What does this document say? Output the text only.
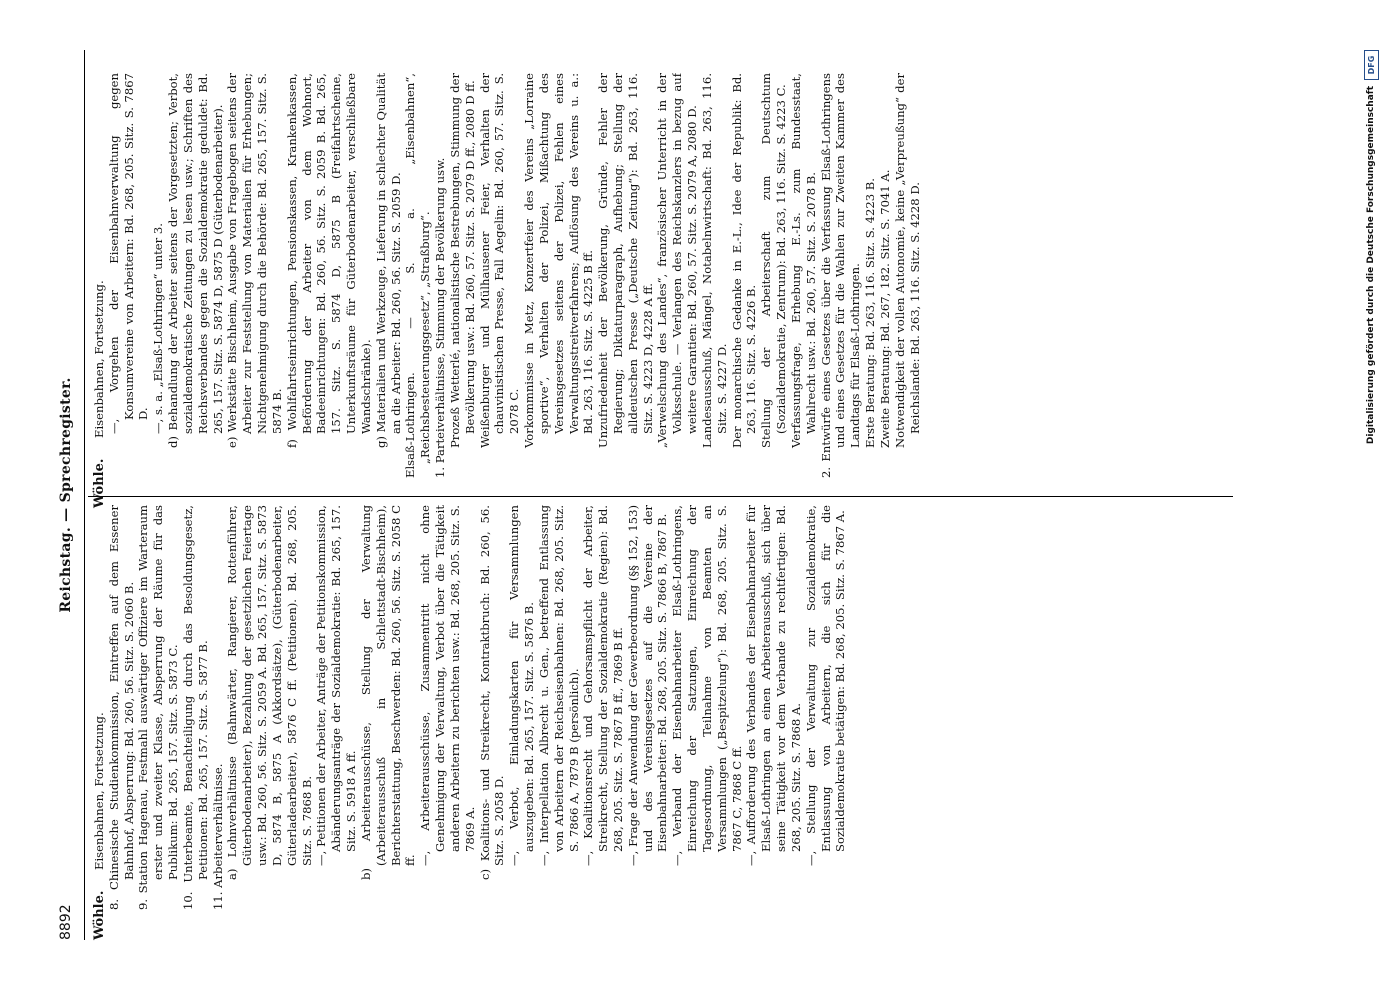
8892
Reichstag. — Sprechregister.
Wöhle.

Eisenbahnen, Fortsetzung. 8. Chinesische Studienkommission, Eintreffen auf dem Essener Bahnhof, Absperrung: Bd. 260, 56. Sitz. S. 2060 B. 9. Station Hagenau, Festmahl auswärtiger Offiziere im Warteraum erster und zweiter Klasse, Absperrung der Räume für das Publikum: Bd. 265, 157. Sitz. S. 5873 C. 10. Unterbeamte, Benachteiligung durch das Besoldungsgesetz, Petitionen: Bd. 265, 157. Sitz. S. 5877 B. 11. Arbeiterverhältnisse. a) Lohnverhältnisse (Bahnwärter, Rangierer, Rottenführer, Güterbodenarbeiter), Bezahlung der gesetzlichen Feiertage usw.: Bd. 260, 56. Sitz. S. 2059 A. Bd. 265, 157. Sitz. S. 5873 D, 5874 B, 5875 A (Akkordsätze), (Güterbodenarbeiter, Güterladearbeiter), 5876 C ff. (Petitionen). Bd. 268, 205. Sitz. S. 7868 B. —, Petitionen der Arbeiter, Anträge der Petitionskommission, Abänderungsanträge der Sozialdemokratie: Bd. 265, 157. Sitz. S. 5918 A ff. b) Arbeiterausschüsse, Stellung der Verwaltung (Arbeiterausschuß in Schlettstadt-Bischheim), Berichterstattung, Beschwerden: Bd. 260, 56. Sitz. S. 2058 C ff. —, Arbeiterausschüsse, Zusammentritt nicht ohne Genehmigung der Verwaltung, Verbot über die Tätigkeit anderen Arbeitern zu berichten usw.: Bd. 268, 205. Sitz. S. 7869 A. c) Koalitions- und Streikrecht, Kontraktbruch: Bd. 260, 56. Sitz. S. 2058 D. —, Verbot, Einladungskarten für Versammlungen auszugeben: Bd. 265, 157. Sitz. S. 5876 B. —, Interpellation Albrecht u. Gen., betreffend Entlassung von Arbeitern der Reichseisenbahnen: Bd. 268, 205. Sitz. S. 7866 A, 7879 B (persönlich). —, Koalitionsrecht und Gehorsamspflicht der Arbeiter, Streikrecht, Stellung der Sozialdemokratie (Regien): Bd. 268, 205. Sitz. S. 7867 B ff., 7869 B ff. —, Frage der Anwendung der Gewerbeordnung (§§ 152, 153) und des Vereinsgesetzes auf die Vereine der Eisenbahnarbeiter: Bd. 268, 205. Sitz. S. 7866 B, 7867 B. —, Verband der Eisenbahnarbeiter Elsaß-Lothringens, Einreichung der Satzungen, Einreichung der Tagesordnung, Teilnahme von Beamten an Versammlungen („Bespitzelung“): Bd. 268, 205. Sitz. S. 7867 C, 7868 C ff. —, Aufforderung des Verbandes der Eisenbahnarbeiter für Elsaß-Lothringen an einen Arbeiterausschuß, sich über seine Tätigkeit vor dem Verbande zu rechtfertigen: Bd. 268, 205. Sitz. S. 7868 A. —, Stellung der Verwaltung zur Sozialdemokratie, Entlassung von Arbeitern, die sich für die Sozialdemokratie betätigen: Bd. 268, 205. Sitz. S. 7867 A.

Wöhle.

Eisenbahnen, Fortsetzung. —, Vorgehen der Eisenbahnverwaltung gegen Konsumvereine von Arbeitern: Bd. 268, 205. Sitz. S. 7867 D. —, s. a. „Elsaß-Lothringen“ unter 3. d) Behandlung der Arbeiter seitens der Vorgesetzten; Verbot, sozialdemokratische Zeitungen zu lesen usw.; Schriften des Reichsverbandes gegen die Sozialdemokratie geduldet: Bd. 265, 157. Sitz. S. 5874 D, 5875 D (Güterbodenarbeiter). e) Werkstätte Bischheim, Ausgabe von Fragebogen seitens der Arbeiter zur Feststellung von Materialien für Erhebungen; Nichtgenehmigung durch die Behörde: Bd. 265, 157. Sitz. S. 5874 B. f) Wohlfahrtseinrichtungen, Pensionskassen, Krankenkassen, Beförderung der Arbeiter von dem Wohnort, Badeeinrichtungen: Bd. 260, 56. Sitz. S. 2059 B. Bd. 265, 157. Sitz. S. 5874 D, 5875 B (Freifahrtscheine, Unterkunftsräume für Güterbodenarbeiter, verschließbare Wandschränke). g) Materialien und Werkzeuge, Lieferung in schlechter Qualität an die Arbeiter: Bd. 260, 56. Sitz. S. 2059 D. Elsaß-Lothringen. — S. a. „Eisenbahnen“, „Reichsbesteuerungsgesetz“, „Straßburg“. 1. Parteiverhältnisse, Stimmung der Bevölkerung usw. Prozeß Wetterlé, nationalistische Bestrebungen, Stimmung der Bevölkerung usw.: Bd. 260, 57. Sitz. S. 2079 D ff., 2080 D ff. Weißenburger und Mülhausener Feier, Verhalten der chauvinistischen Presse, Fall Aegelin: Bd. 260, 57. Sitz. S. 2078 C. Vorkommnisse in Metz, Konzertfeier des Vereins „Lorraine sportive“, Verhalten der Polizei, Mißachtung des Vereinsgesetzes seitens der Polizei, Fehlen eines Verwaltungsstreitverfahrens; Auflösung des Vereins u. a.: Bd. 263, 116. Sitz. S. 4225 B ff. Unzufriedenheit der Bevölkerung, Gründe, Fehler der Regierung; Diktaturparagraph, Aufhebung; Stellung der alldeutschen Presse („Deutsche Zeitung“): Bd. 263, 116. Sitz. S. 4223 D, 4228 A ff. „Verwelschung des Landes“, französischer Unterricht in der Volksschule. — Verlangen des Reichskanzlers in bezug auf weitere Garantien: Bd. 260, 57. Sitz. S. 2079 A, 2080 D. Landesausschuß, Mängel, Notabelnwirtschaft: Bd. 263, 116. Sitz. S. 4227 D. Der monarchische Gedanke in E.-L., Idee der Republik: Bd. 263, 116. Sitz. S. 4226 B. Stellung der Arbeiterschaft zum Deutschtum (Sozialdemokratie, Zentrum): Bd. 263, 116. Sitz. S. 4223 C. Verfassungsfrage, Erhebung E.-Ls. zum Bundesstaat, Wahlrecht usw.: Bd. 260, 57. Sitz. S. 2078 B. 2. Entwürfe eines Gesetzes über die Verfassung Elsaß-Lothringens und eines Gesetzes für die Wahlen zur Zweiten Kammer des Landtags für Elsaß-Lothringen. Erste Beratung: Bd. 263, 116. Sitz. S. 4223 B. Zweite Beratung: Bd. 267, 182. Sitz. S. 7041 A. Notwendigkeit der vollen Autonomie, keine „Verpreußung“ der Reichslande: Bd. 263, 116. Sitz. S. 4228 D.	Digitalisierung gefördert durch die Deutsche Forschungsgemeinschaft
DFG
